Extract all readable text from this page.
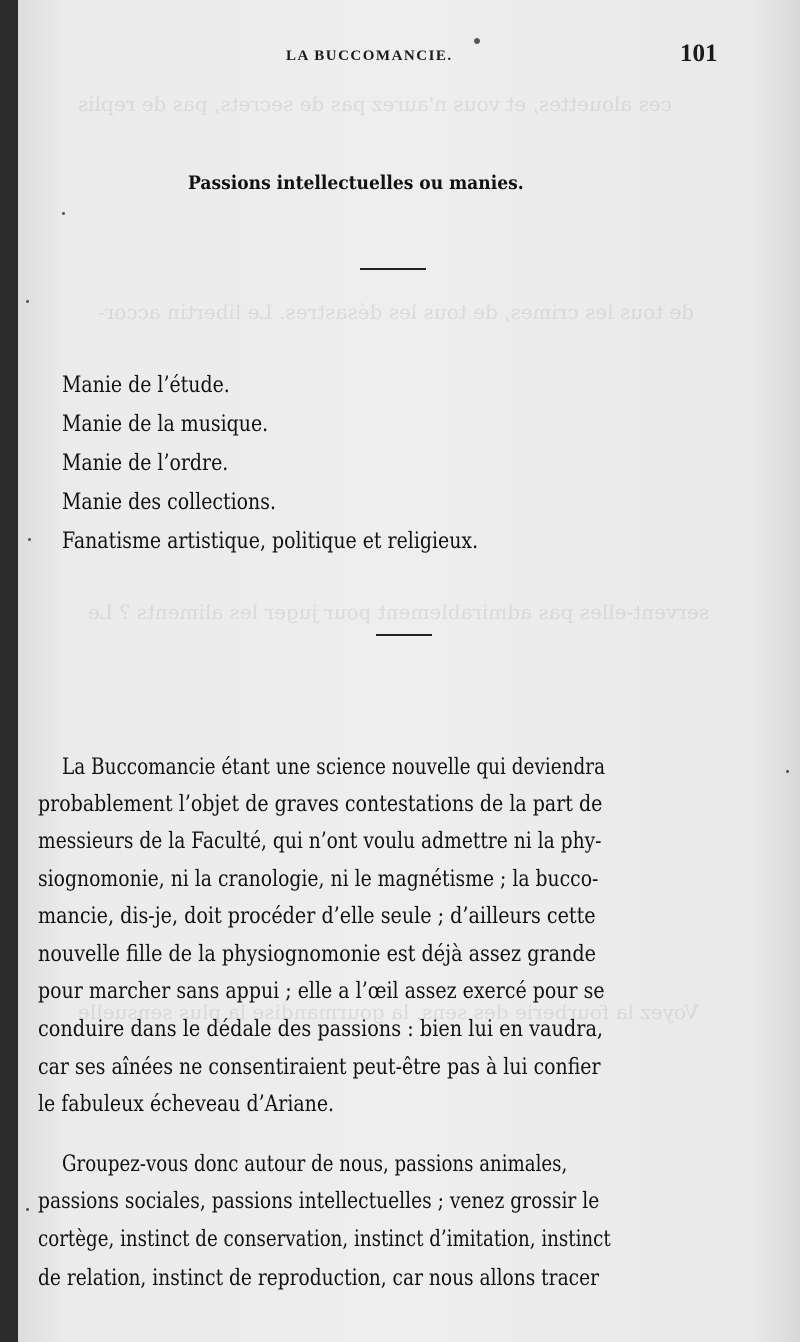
ces alouettes, et vous n'aurez pas de secrets, pas de replis
de tous les crimes, de tous les désastres. Le libertin accor-
servent-elles pas admirablement pour juger les aliments ? Le
Voyez la fourberie des sens, la gourmandise la plus sensuelle
LA BUCCOMANCIE.	101
Passions intellectuelles ou manies.
Manie de l’étude.
Manie de la musique.
Manie de l’ordre.
Manie des collections.
Fanatisme artistique, politique et religieux.
La Buccomancie étant une science nouvelle qui deviendra
probablement l’objet de graves contestations de la part de
messieurs de la Faculté, qui n’ont voulu admettre ni la phy-
siognomonie, ni la cranologie, ni le magnétisme ; la bucco-
mancie, dis-je, doit procéder d’elle seule ; d’ailleurs cette
nouvelle fille de la physiognomonie est déjà assez grande
pour marcher sans appui ; elle a l’œil assez exercé pour se
conduire dans le dédale des passions : bien lui en vaudra,
car ses aînées ne consentiraient peut-être pas à lui confier
le fabuleux écheveau d’Ariane.
Groupez-vous donc autour de nous, passions animales,
passions sociales, passions intellectuelles ; venez grossir le
cortège, instinct de conservation, instinct d’imitation, instinct
de relation, instinct de reproduction, car nous allons tracer
